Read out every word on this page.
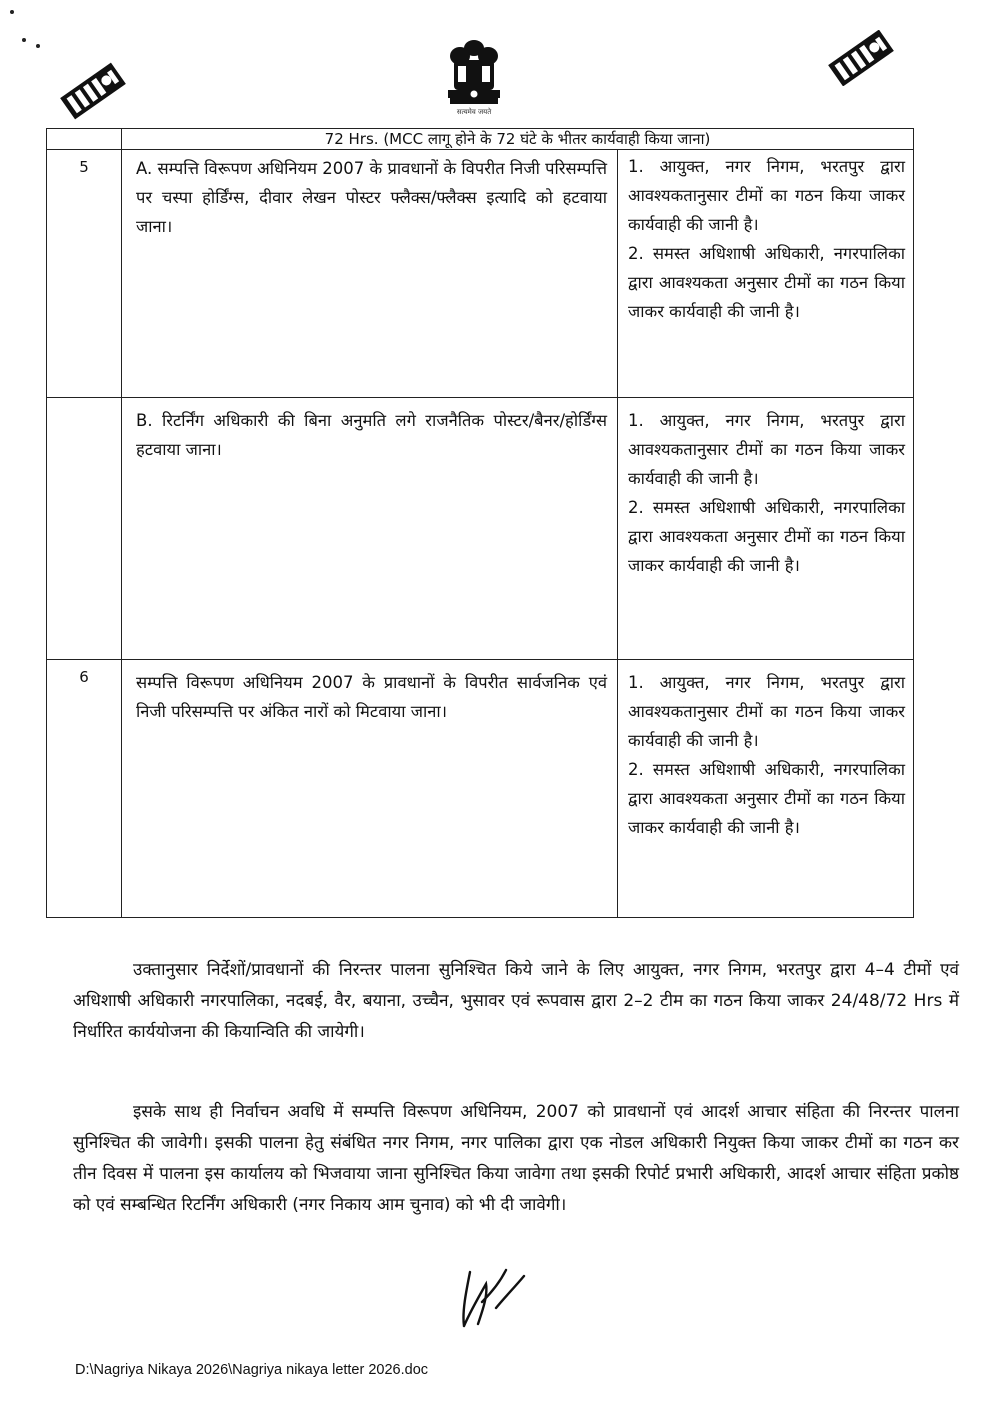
सत्यमेव जयते
	72 Hrs. (MCC लागू होने के 72 घंटे के भीतर कार्यवाही किया जाना)	
5	A. सम्पत्ति विरूपण अधिनियम 2007 के प्रावधानों के विपरीत निजी परिसम्पत्ति पर चस्पा होर्डिंग्स, दीवार लेखन पोस्टर फ्लैक्स/फ्लैक्स इत्यादि को हटवाया जाना।	1. आयुक्त, नगर निगम, भरतपुर द्वारा आवश्यकतानुसार टीमों का गठन किया जाकर कार्यवाही की जानी है।

2. समस्त अधिशाषी अधिकारी, नगरपालिका द्वारा आवश्यकता अनुसार टीमों का गठन किया जाकर कार्यवाही की जानी है।

	B. रिटर्निंग अधिकारी की बिना अनुमति लगे राजनैतिक पोस्टर/बैनर/होर्डिंग्स हटवाया जाना।	1. आयुक्त, नगर निगम, भरतपुर द्वारा आवश्यकतानुसार टीमों का गठन किया जाकर कार्यवाही की जानी है।

2. समस्त अधिशाषी अधिकारी, नगरपालिका द्वारा आवश्यकता अनुसार टीमों का गठन किया जाकर कार्यवाही की जानी है।

6	सम्पत्ति विरूपण अधिनियम 2007 के प्रावधानों के विपरीत सार्वजनिक एवं निजी परिसम्पत्ति पर अंकित नारों को मिटवाया जाना।	1. आयुक्त, नगर निगम, भरतपुर द्वारा आवश्यकतानुसार टीमों का गठन किया जाकर कार्यवाही की जानी है।

2. समस्त अधिशाषी अधिकारी, नगरपालिका द्वारा आवश्यकता अनुसार टीमों का गठन किया जाकर कार्यवाही की जानी है।

उक्तानुसार निर्देशों/प्रावधानों की निरन्तर पालना सुनिश्चित किये जाने के लिए आयुक्त, नगर निगम, भरतपुर द्वारा 4–4 टीमों एवं अधिशाषी अधिकारी नगरपालिका, नदबई, वैर, बयाना, उच्चैन, भुसावर एवं रूपवास द्वारा 2–2 टीम का गठन किया जाकर 24/48/72 Hrs में निर्धारित कार्ययोजना की कियान्विति की जायेगी।

इसके साथ ही निर्वाचन अवधि में सम्पत्ति विरूपण अधिनियम, 2007 को प्रावधानों एवं आदर्श आचार संहिता की निरन्तर पालना सुनिश्चित की जावेगी। इसकी पालना हेतु संबंधित नगर निगम, नगर पालिका द्वारा एक नोडल अधिकारी नियुक्त किया जाकर टीमों का गठन कर तीन दिवस में पालना इस कार्यालय को भिजवाया जाना सुनिश्चित किया जावेगा तथा इसकी रिपोर्ट प्रभारी अधिकारी, आदर्श आचार संहिता प्रकोष्ठ को एवं सम्बन्धित रिटर्निंग अधिकारी (नगर निकाय आम चुनाव) को भी दी जावेगी।

D:\Nagriya Nikaya 2026\Nagriya nikaya letter 2026.doc
